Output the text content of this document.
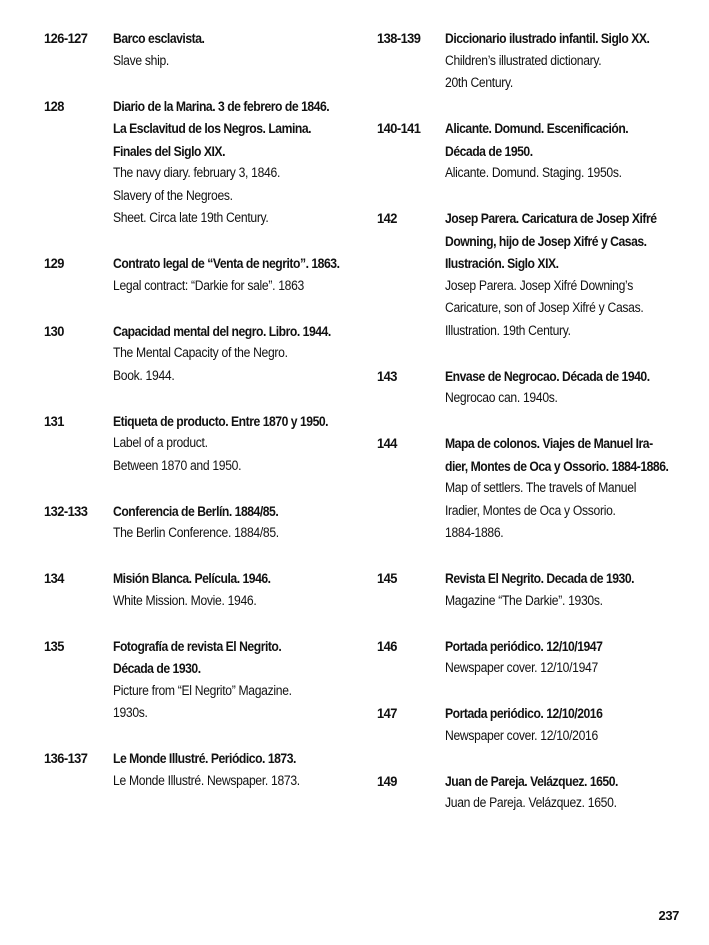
126-127	Barco esclavista.
Slave ship.
128	Diario de la Marina. 3 de febrero de 1846.
La Esclavitud de los Negros. Lamina.
Finales del Siglo XIX.
The navy diary. february 3, 1846.
Slavery of the Negroes.
Sheet. Circa late 19th Century.
129	Contrato legal de “Venta de negrito”. 1863.
Legal contract: “Darkie for sale”. 1863
130	Capacidad mental del negro. Libro. 1944.
The Mental Capacity of the Negro.
Book. 1944.
131	Etiqueta de producto. Entre 1870 y 1950.
Label of a product.
Between 1870 and 1950.
132-133	Conferencia de Berlín. 1884/85.
The Berlin Conference. 1884/85.
134	Misión Blanca. Película. 1946.
White Mission. Movie. 1946.
135	Fotografía de revista El Negrito.
Década de 1930.
Picture from “El Negrito” Magazine.
1930s.
136-137	Le Monde Illustré. Periódico. 1873.
Le Monde Illustré. Newspaper. 1873.
138-139	Diccionario ilustrado infantil. Siglo XX.
Children’s illustrated dictionary.
20th Century.
140-141	Alicante. Domund. Escenificación.
Década de 1950.
Alicante. Domund. Staging. 1950s.
142	Josep Parera. Caricatura de Josep Xifré
Downing, hijo de Josep Xifré y Casas.
Ilustración. Siglo XIX.
Josep Parera. Josep Xifré Downing’s
Caricature, son of Josep Xifré y Casas.
Illustration. 19th Century.
143	Envase de Negrocao. Década de 1940.
Negrocao can. 1940s.
144	Mapa de colonos. Viajes de Manuel Ira-
dier, Montes de Oca y Ossorio. 1884-1886.
Map of settlers. The travels of Manuel
Iradier, Montes de Oca y Ossorio.
1884-1886.
145	Revista El Negrito. Decada de 1930.
Magazine “The Darkie”. 1930s.
146	Portada periódico. 12/10/1947
Newspaper cover. 12/10/1947
147	Portada periódico. 12/10/2016
Newspaper cover. 12/10/2016
149	Juan de Pareja. Velázquez. 1650.
Juan de Pareja. Velázquez. 1650.
237
